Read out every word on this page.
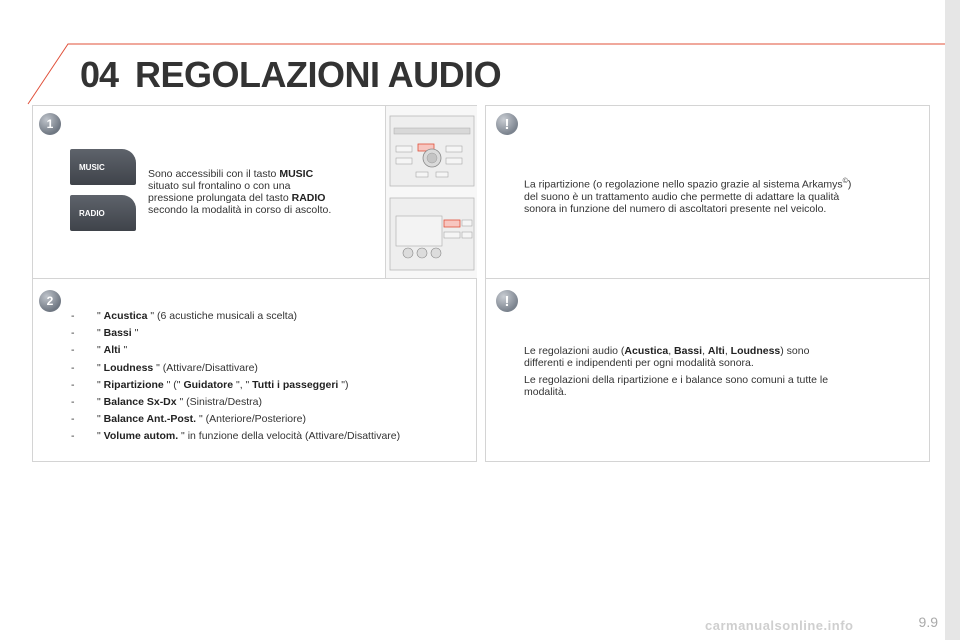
04 REGOLAZIONI AUDIO
1
MUSIC
RADIO
Sono accessibili con il tasto MUSIC
situato sul frontalino o con una
pressione prolungata del tasto RADIO
secondo la modalità in corso di ascolto.
2
- " Acustica " (6 acustiche musicali a scelta)
- " Bassi "
- " Alti "
- " Loudness " (Attivare/Disattivare)
- " Ripartizione " (" Guidatore ", " Tutti i passeggeri ")
- " Balance Sx-Dx " (Sinistra/Destra)
- " Balance Ant.-Post. " (Anteriore/Posteriore)
- " Volume autom. " in funzione della velocità (Attivare/Disattivare)
!
La ripartizione (o regolazione nello spazio grazie al sistema Arkamys©)
del suono è un trattamento audio che permette di adattare la qualità
sonora in funzione del numero di ascoltatori presente nel veicolo.
!
Le regolazioni audio (Acustica, Bassi, Alti, Loudness) sono
differenti e indipendenti per ogni modalità sonora.
Le regolazioni della ripartizione e i balance sono comuni a tutte le
modalità.
carmanualsonline.info	9.9
